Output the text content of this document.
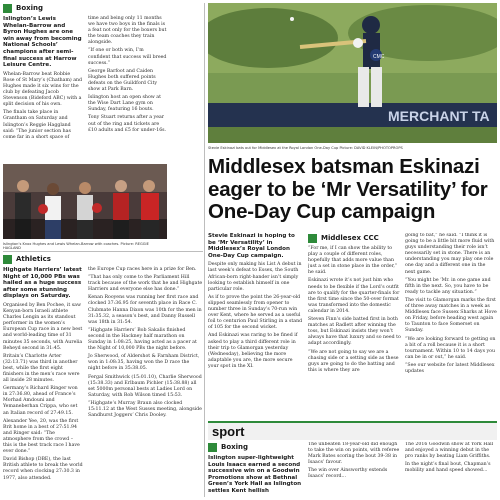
Boxing
Islington’s Lewis Whelan-Barrow and Byron Hughes are one win away from becoming National Schools’ champions after semi-final success at Harrow Leisure Centre.

Whelan-Barrow beat Robbie Rose of St Mary’s (Chatham) and Hughes made it six wins for the club by defeating Jacob Stevenson (Bideford ABC) with a split decision of his own.

The finals take place in Grantham on Saturday and Islington’s Reggie Haggland said: “The junior section has come far in a short space of

time and being only 11 months we have two boys in the finals is a feat not only for the boxers but the team coaches they train alongside.

“If one or both win, I’m confident that success will breed success.”

George Barfoot and Caiden Hughes both suffered points defeats on the Guildford City show at Park Barn.

Islington host an open show at the Wise Dart Lane gym on Sunday, featuring 16 bouts.

Tony Stuart returns after a year out of the ring and tickets are £10 adults and £5 for under-16s.

Islington’s Knox Hughes and Lewis Whelan-Barrow with coaches. Picture: REGGIE HAGLAND
Athletics
Highgate Harriers’ latest Night of 10,000 PBs was hailed as a huge success after some stunning displays on Saturday.

Organised by Ben Pochee, it saw Kenyan-born Israeli athlete Charles Lengin as its standout performer in the women’s European Cup race in a new best and world-leading time of 31 minutes 35 seconds, with Aurelia Beheyd second in 31:45.

Britain’s Charlotte Arter (32:13.71) was third in another best, while the first eight finishers in the men’s race were all inside 28 minutes.

Germany’s Richard Ringer won in 27:36.80, ahead of France’s Morhad Amdouni and Yemaneberhan Crippa, who set an Italian record of 27:49.15.

Alexander Yee, 20, was the first Brit home in a best of 27:51.94 and Ringer said: “The atmosphere from the crowd – this is the best track race I have ever done.”

David Bishop (DBE), the last British athlete to break the world record when clocking 27:30.3 in 1977, also attended.

the Europe Cup races here in a prize for Ben.

“That has only come to the Parliament Hill track because of the work that he and Highgate Harriers and everyone else has done.”

Kenan Rooyens was running her first race and clocked 37:36.95 for seventh place in Race C. Clubmate Hanna Dixon was 10th for the men in 31:35.32, a season’s best, and Danny Russell was 18th in 31:54.

“Highgate Harriers’ Bob Sakalis finished second in the Hackney half marathon on Sunday in 1:08:25, having acted as a pacer at the Night of 10,000 PBs the night before.

Jo Sherwood, of Aldershot & Farnham District, won in 1:08:35, having won the D race the night before in 35:38.05.

Fergal Smithwick (15:01.10), Charlie Sherwood (15:38.33) and Erlbaum Pichler (15:38.88) all set 5000m personal bests at Ladies Lord on Saturday, with Rob Wilson timed 15:53.

“Highgate’s Murray Braun also clocked 15:11.12 at the West Sussex meeting, alongside Sandhurst Joggers’ Chris Dooley.

MERCHANT TA
CMC
Stevie Eskinazi bats out for Middlesex at the Royal London One-Day Cup Picture: DAVID KLEIN/PHOTOPROPS
Middlesex batsman Eskinazi eager to be ‘Mr Versatility’ for One-Day Cup campaign
Stevie Eskinazi is hoping to be ‘Mr Versatility’ in Middlesex’s Royal London One-Day Cup campaign.

Despite only making his List A debut in last week’s defeat to Essex, the South African-born right-hander isn’t simply looking to establish himself in one particular role.

As if to prove the point the 26-year-old slipped seamlessly from opener to number three in Sunday’s 70-run win over Kent, where he served as a useful foil to centurion Paul Stirling in a stand of 105 for the second wicket.

And Eskinazi was raring to be fined if asked to play a third different role in their trip to Glamorgan yesterday (Wednesday), believing the more adaptable you are, the more secure your spot in the XI.

Middlesex CCC

“For me, if I can show the ability to play a couple of different roles, hopefully that adds more value than just a set in stone place in the order,” he said.

Eskinazi wrote it’s not just him who needs to be flexible if the Lord’s outfit are to qualify for the quarter-finals for the first time since the 50-over format was transformed into the domestic calendar in 2014.

Steven Finn’s side batted first in both matches at Radlett after winning the toss, but Eskinazi insists they won’t always have that luxury and so need to adapt accordingly.

“We are not going to say we are a chasing side or a setting side as these guys are going to do the batting and this is where they are

going to bat,” he said. “I think it is going to be a little bit more fluid with guys understanding their role isn’t necessarily set in stone. There is an understanding you may play one role one day and a different one in the next game.

“You might be ‘Mr. in one game and fifth in the next. So, you have to be ready to tackle any situation.”

The visit to Glamorgan marks the first of three away matches in a week as Middlesex face Sussex Sharks at Hove on Friday, before heading west again to Taunton to face Somerset on Sunday.

“We are looking forward to getting on a bit of a roll because it is a short tournament. Within 10 to 14 days you can be in or out,” he said.

“See our website for latest Middlesex updates

sport
Boxing
Islington super-lightweight Louis Isaacs earned a second successive win on a Goodwin Promotions show at Bethnal Green’s York Hall as Islington settles Kent hellish

The unbeaten 18-year-old did enough to take the win on points, with referee Mark Bates scoring the bout 39-38 in Isaacs’ favour.

The win over Ainsworthy extends Isaacs’ record...

The 2016 Goodwin show at York Hall and enjoyed a winning debut in the pro ranks by beating Liam Griffiths.

In the night’s final bout, Chapman’s mobility and hand speed showed...
